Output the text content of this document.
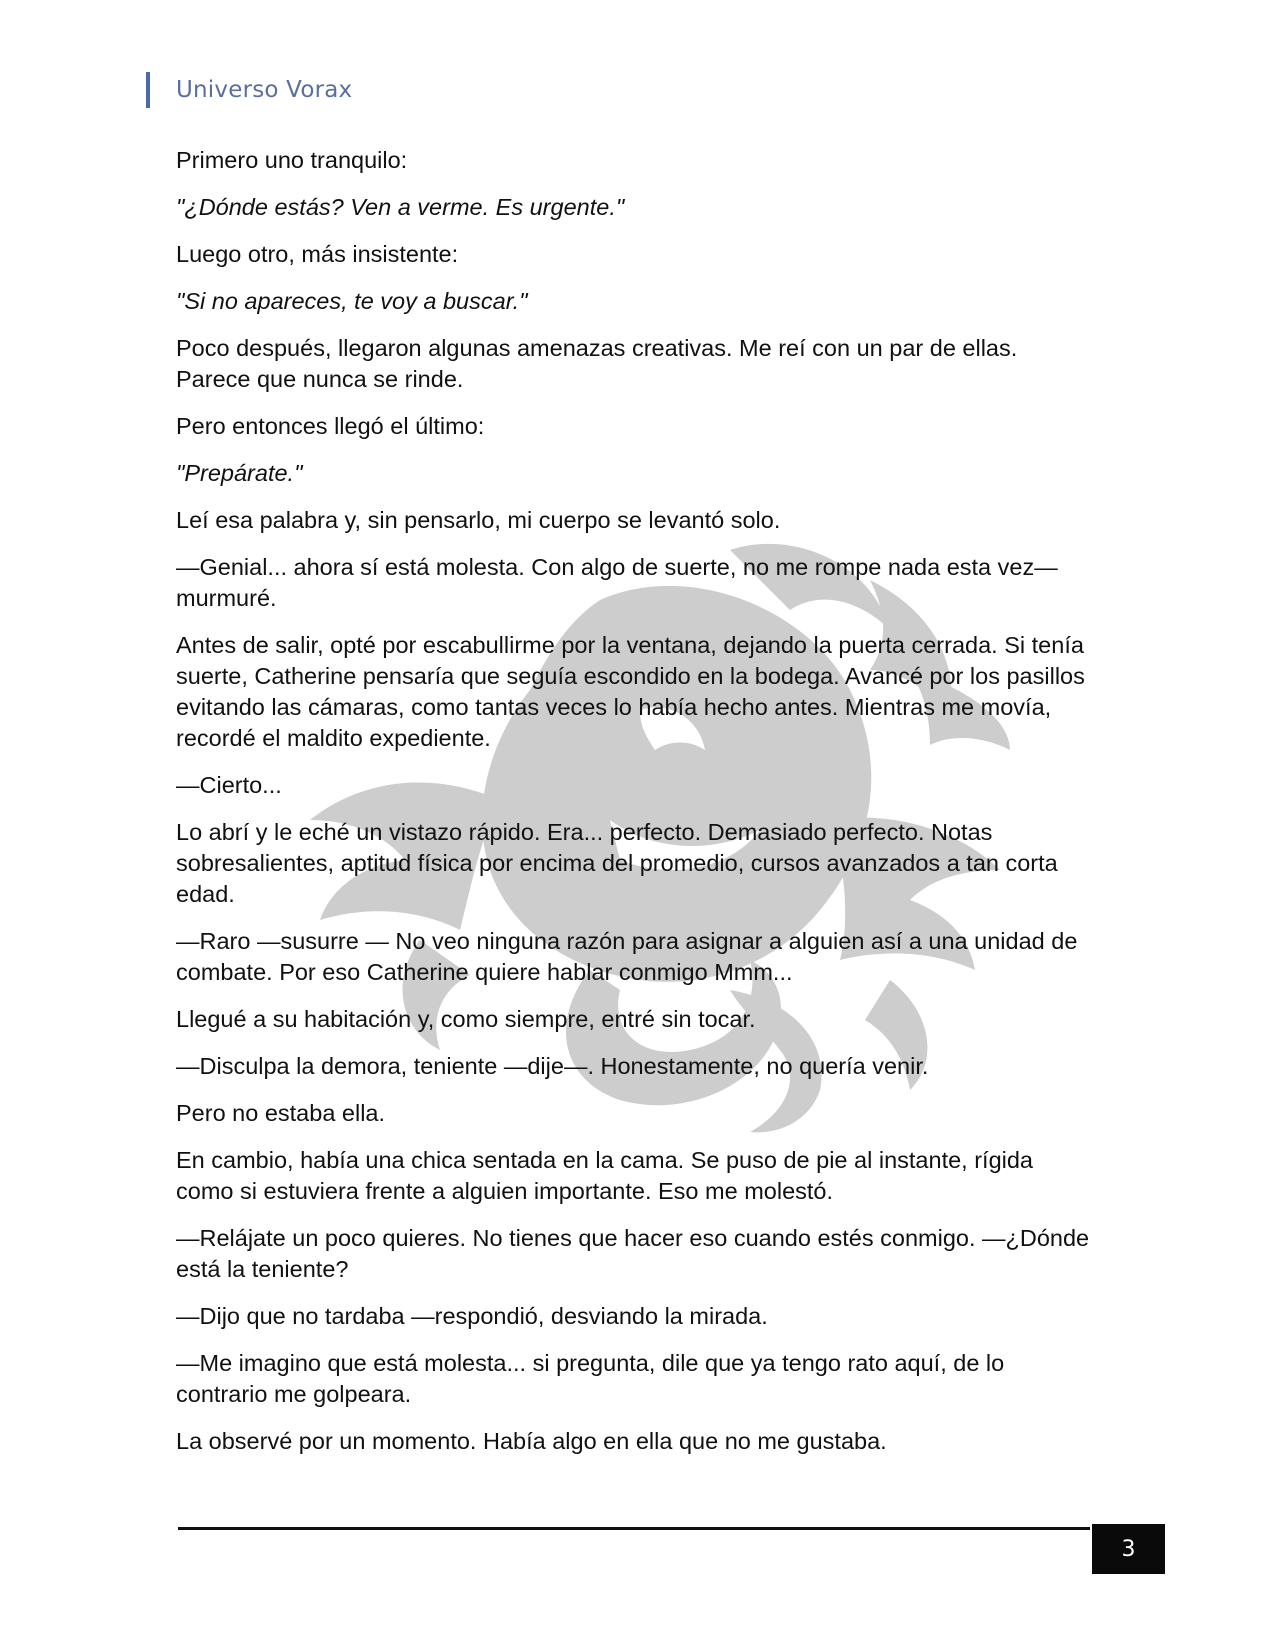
Universo Vorax

Primero uno tranquilo:

"¿Dónde estás? Ven a verme. Es urgente."

Luego otro, más insistente:

"Si no apareces, te voy a buscar."

Poco después, llegaron algunas amenazas creativas. Me reí con un par de ellas. Parece que nunca se rinde.

Pero entonces llegó el último:

"Prepárate."

Leí esa palabra y, sin pensarlo, mi cuerpo se levantó solo.

—Genial... ahora sí está molesta. Con algo de suerte, no me rompe nada esta vez—murmuré.

Antes de salir, opté por escabullirme por la ventana, dejando la puerta cerrada. Si tenía suerte, Catherine pensaría que seguía escondido en la bodega. Avancé por los pasillos evitando las cámaras, como tantas veces lo había hecho antes. Mientras me movía, recordé el maldito expediente.

—Cierto...

Lo abrí y le eché un vistazo rápido. Era... perfecto. Demasiado perfecto. Notas sobresalientes, aptitud física por encima del promedio, cursos avanzados a tan corta edad.

—Raro —susurre — No veo ninguna razón para asignar a alguien así a una unidad de combate. Por eso Catherine quiere hablar conmigo Mmm...

Llegué a su habitación y, como siempre, entré sin tocar.

—Disculpa la demora, teniente —dije—. Honestamente, no quería venir.

Pero no estaba ella.

En cambio, había una chica sentada en la cama. Se puso de pie al instante, rígida como si estuviera frente a alguien importante. Eso me molestó.

—Relájate un poco quieres. No tienes que hacer eso cuando estés conmigo. —¿Dónde está la teniente?

—Dijo que no tardaba —respondió, desviando la mirada.

—Me imagino que está molesta... si pregunta, dile que ya tengo rato aquí, de lo contrario me golpeara.

La observé por un momento. Había algo en ella que no me gustaba.

3
